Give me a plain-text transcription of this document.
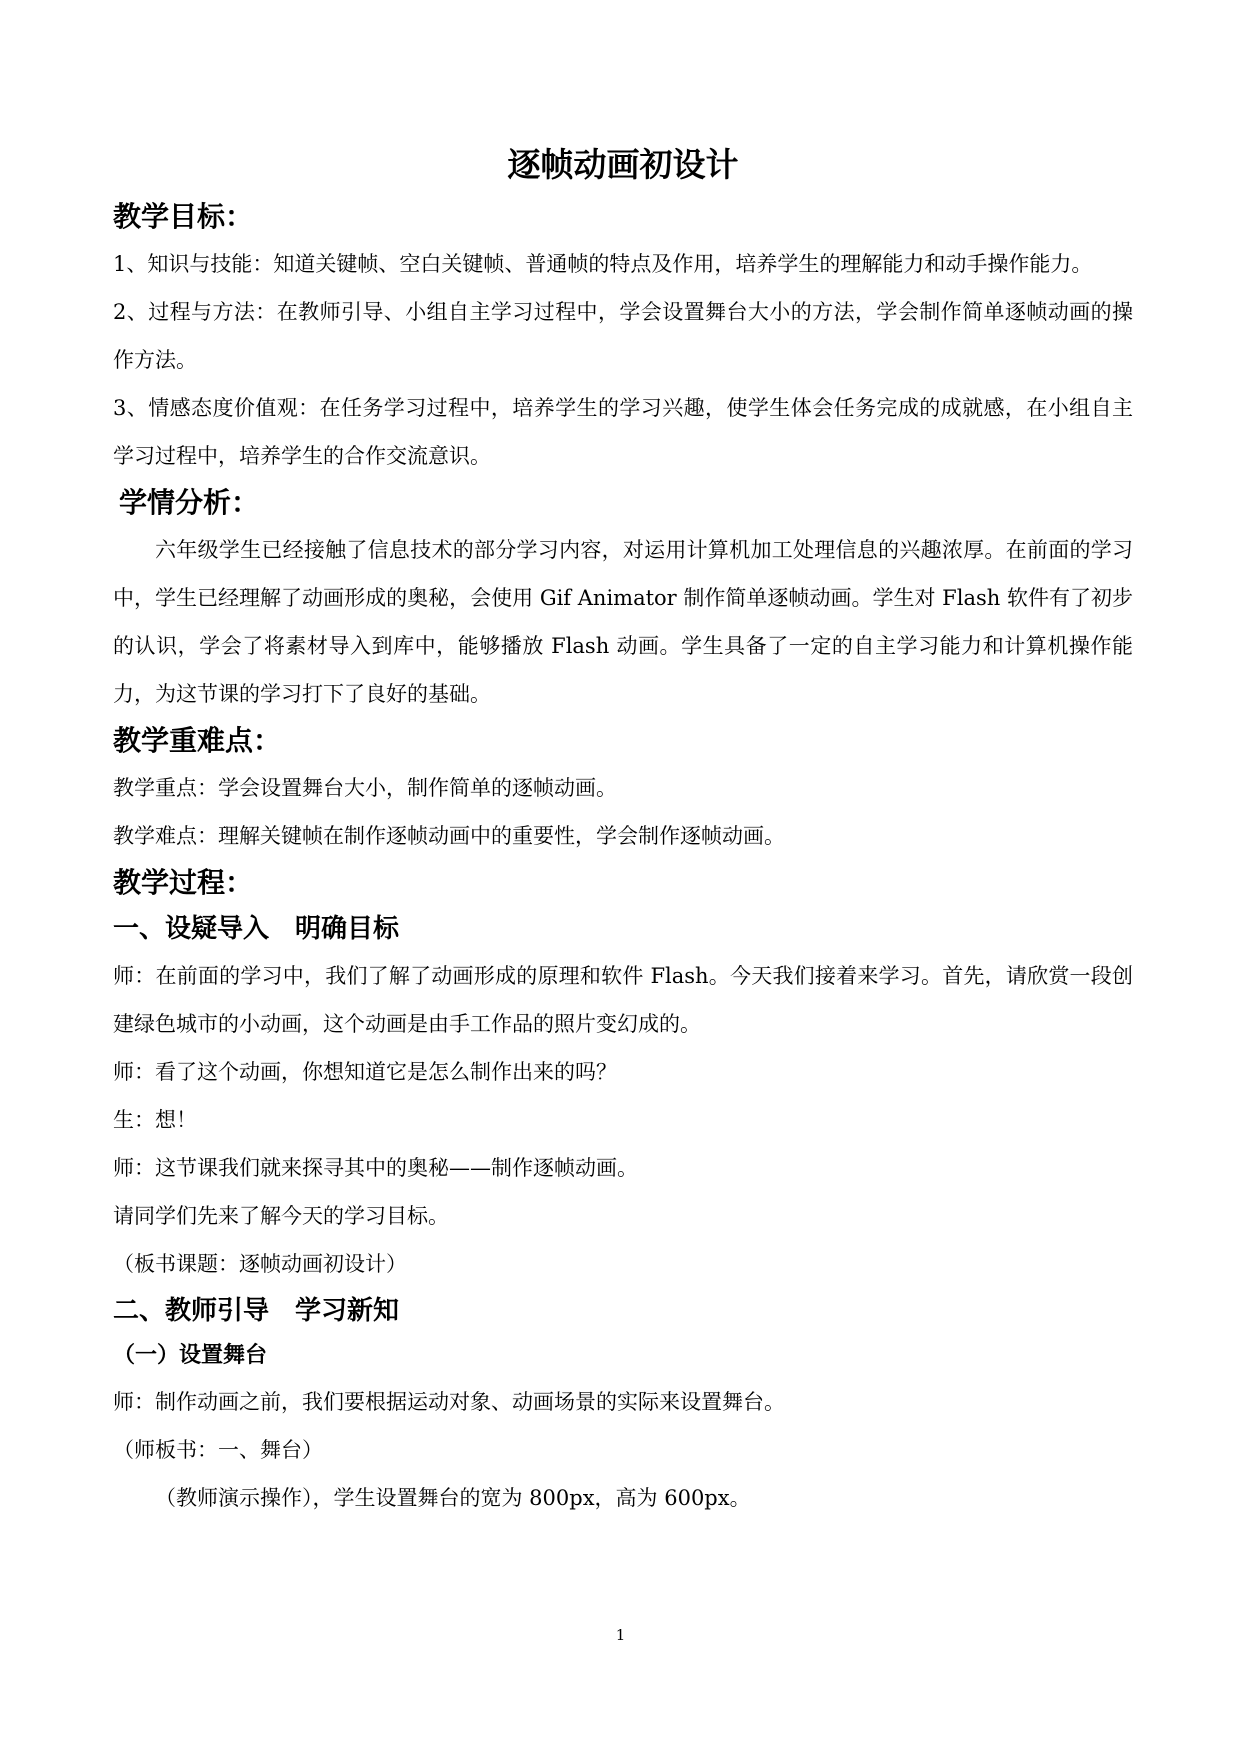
逐帧动画初设计
教学目标：

1、知识与技能：知道关键帧、空白关键帧、普通帧的特点及作用，培养学生的理解能力和动手操作能力。

2、过程与方法：在教师引导、小组自主学习过程中，学会设置舞台大小的方法，学会制作简单逐帧动画的操作方法。

3、情感态度价值观：在任务学习过程中，培养学生的学习兴趣，使学生体会任务完成的成就感，在小组自主学习过程中，培养学生的合作交流意识。

学情分析：

六年级学生已经接触了信息技术的部分学习内容，对运用计算机加工处理信息的兴趣浓厚。在前面的学习中，学生已经理解了动画形成的奥秘，会使用 Gif Animator 制作简单逐帧动画。学生对 Flash 软件有了初步的认识，学会了将素材导入到库中，能够播放 Flash 动画。学生具备了一定的自主学习能力和计算机操作能力，为这节课的学习打下了良好的基础。

教学重难点：

教学重点：学会设置舞台大小，制作简单的逐帧动画。

教学难点：理解关键帧在制作逐帧动画中的重要性，学会制作逐帧动画。

教学过程：
一、设疑导入　明确目标

师：在前面的学习中，我们了解了动画形成的原理和软件 Flash。今天我们接着来学习。首先，请欣赏一段创建绿色城市的小动画，这个动画是由手工作品的照片变幻成的。

师：看了这个动画，你想知道它是怎么制作出来的吗？

生：想！

师：这节课我们就来探寻其中的奥秘——制作逐帧动画。

请同学们先来了解今天的学习目标。

（板书课题：逐帧动画初设计）

二、教师引导　学习新知
（一）设置舞台

师：制作动画之前，我们要根据运动对象、动画场景的实际来设置舞台。

（师板书：一、舞台）

（教师演示操作），学生设置舞台的宽为 800px，高为 600px。

1
